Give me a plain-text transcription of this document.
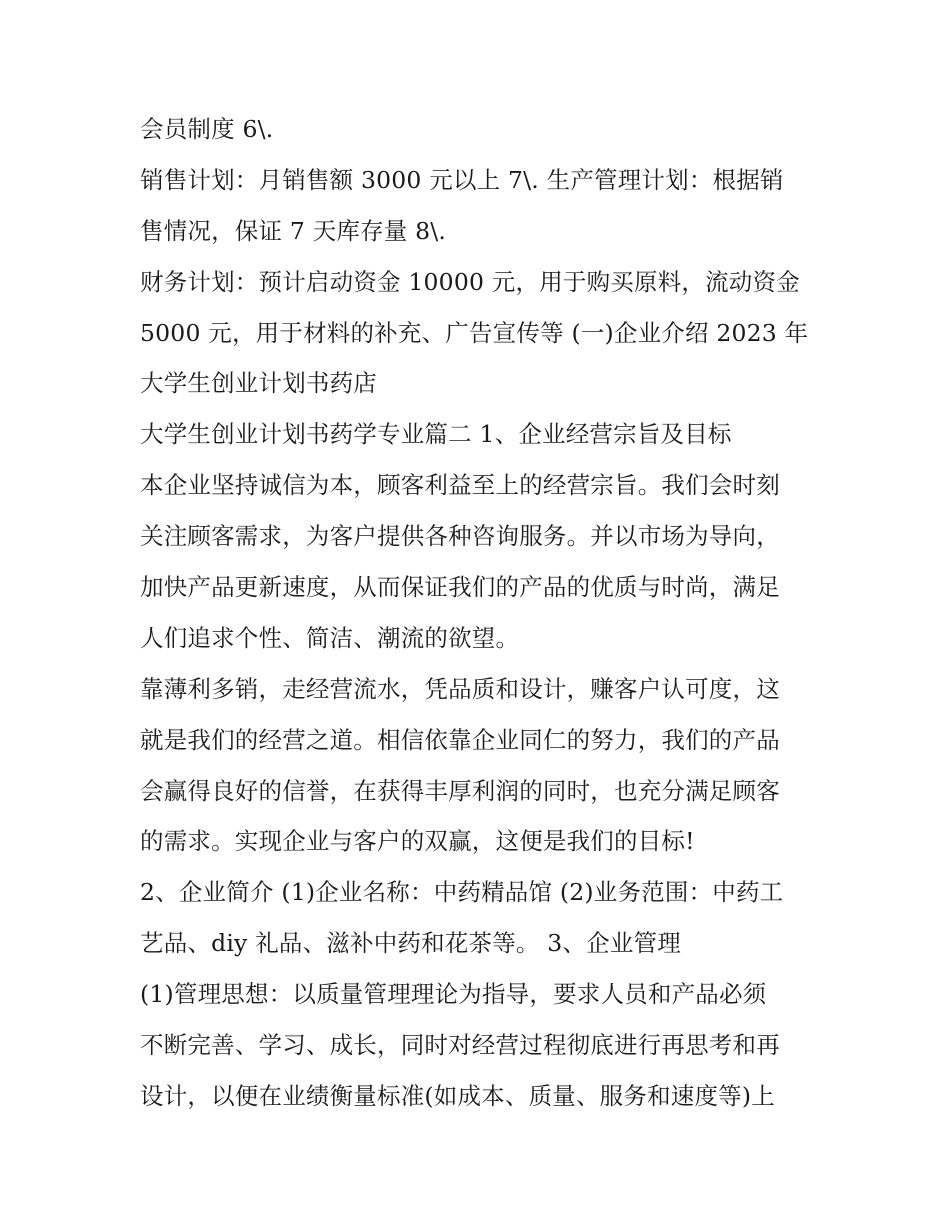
会员制度 6\.
销售计划：月销售额 3000 元以上 7\. 生产管理计划：根据销
售情况，保证 7 天库存量 8\.
财务计划：预计启动资金 10000 元，用于购买原料，流动资金
5000 元，用于材料的补充、广告宣传等 (一)企业介绍 2023 年
大学生创业计划书药店
大学生创业计划书药学专业篇二 1、企业经营宗旨及目标
本企业坚持诚信为本，顾客利益至上的经营宗旨。我们会时刻
关注顾客需求，为客户提供各种咨询服务。并以市场为导向，
加快产品更新速度，从而保证我们的产品的优质与时尚，满足
人们追求个性、简洁、潮流的欲望。
靠薄利多销，走经营流水，凭品质和设计，赚客户认可度，这
就是我们的经营之道。相信依靠企业同仁的努力，我们的产品
会赢得良好的信誉，在获得丰厚利润的同时，也充分满足顾客
的需求。实现企业与客户的双赢，这便是我们的目标!
2、企业简介 (1)企业名称：中药精品馆 (2)业务范围：中药工
艺品、diy 礼品、滋补中药和花茶等。 3、企业管理
(1)管理思想：以质量管理理论为指导，要求人员和产品必须
不断完善、学习、成长，同时对经营过程彻底进行再思考和再
设计，以便在业绩衡量标准(如成本、质量、服务和速度等)上
